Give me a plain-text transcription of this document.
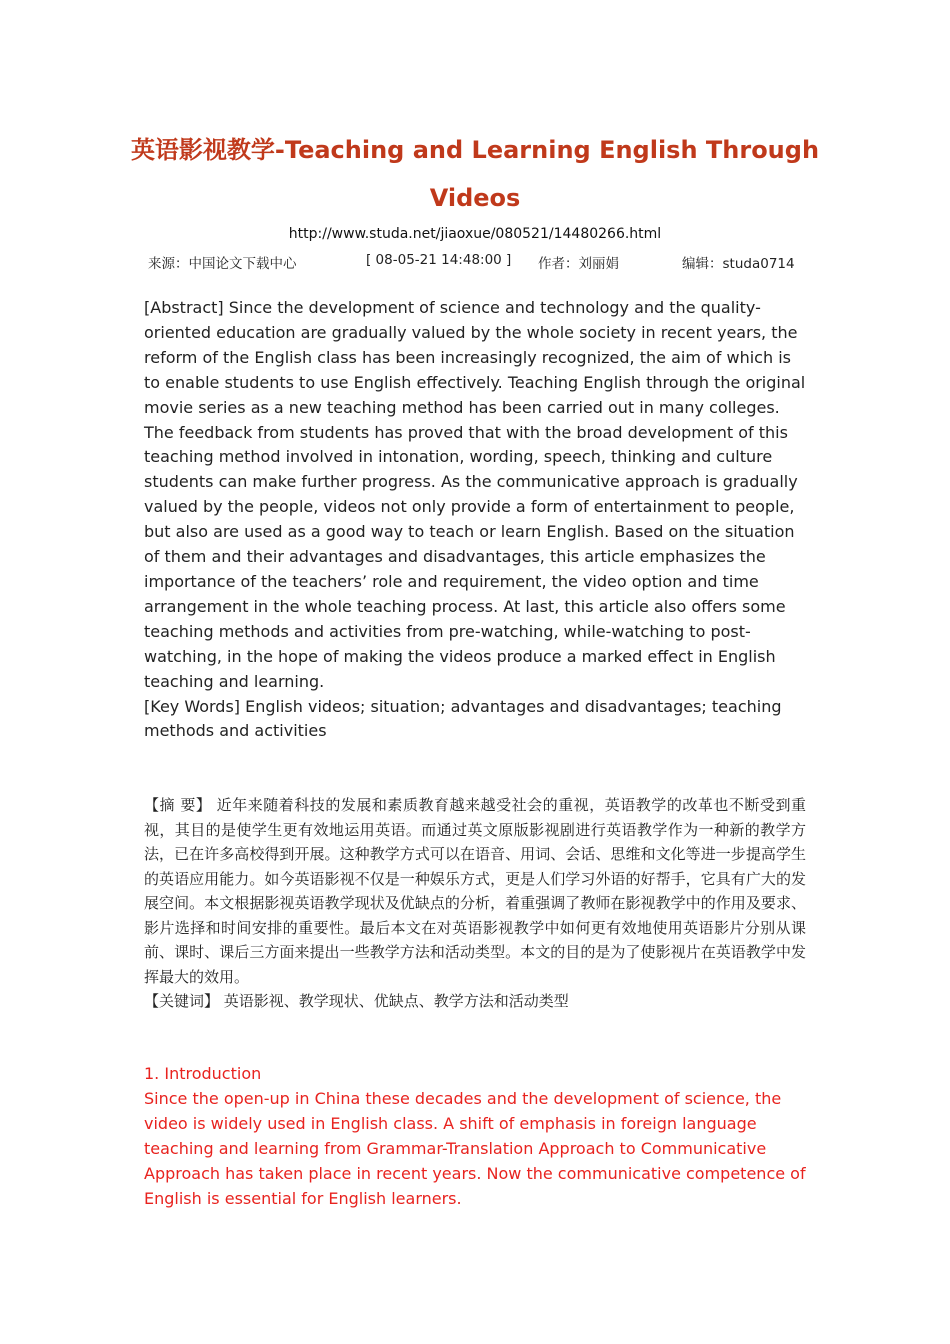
英语影视教学-Teaching and Learning English Through Videos
http://www.studa.net/jiaoxue/080521/14480266.html
来源：中国论文下载中心	[ 08-05-21 14:48:00 ] 作者：刘丽娟	编辑：studa0714

[Abstract] Since the development of science and technology and the quality-oriented education are gradually valued by the whole society in recent years, the reform of the English class has been increasingly recognized, the aim of which is to enable students to use English effectively. Teaching English through the original movie series as a new teaching method has been carried out in many colleges. The feedback from students has proved that with the broad development of this teaching method involved in intonation, wording, speech, thinking and culture students can make further progress. As the communicative approach is gradually valued by the people, videos not only provide a form of entertainment to people, but also are used as a good way to teach or learn English. Based on the situation of them and their advantages and disadvantages, this article emphasizes the importance of the teachers’ role and requirement, the video option and time arrangement in the whole teaching process. At last, this article also offers some teaching methods and activities from pre-watching, while-watching to post-watching, in the hope of making the videos produce a marked effect in English teaching and learning.

[Key Words] English videos; situation; advantages and disadvantages; teaching methods and activities

【摘 要】 近年来随着科技的发展和素质教育越来越受社会的重视，英语教学的改革也不断受到重视，其目的是使学生更有效地运用英语。而通过英文原版影视剧进行英语教学作为一种新的教学方法，已在许多高校得到开展。这种教学方式可以在语音、用词、会话、思维和文化等进一步提高学生的英语应用能力。如今英语影视不仅是一种娱乐方式，更是人们学习外语的好帮手，它具有广大的发展空间。本文根据影视英语教学现状及优缺点的分析，着重强调了教师在影视教学中的作用及要求、影片选择和时间安排的重要性。最后本文在对英语影视教学中如何更有效地使用英语影片分别从课前、课时、课后三方面来提出一些教学方法和活动类型。本文的目的是为了使影视片在英语教学中发挥最大的效用。

【关键词】 英语影视、教学现状、优缺点、教学方法和活动类型

1. Introduction

Since the open-up in China these decades and the development of science, the video is widely used in English class. A shift of emphasis in foreign language teaching and learning from Grammar-Translation Approach to Communicative Approach has taken place in recent years. Now the communicative competence of English is essential for English learners.
